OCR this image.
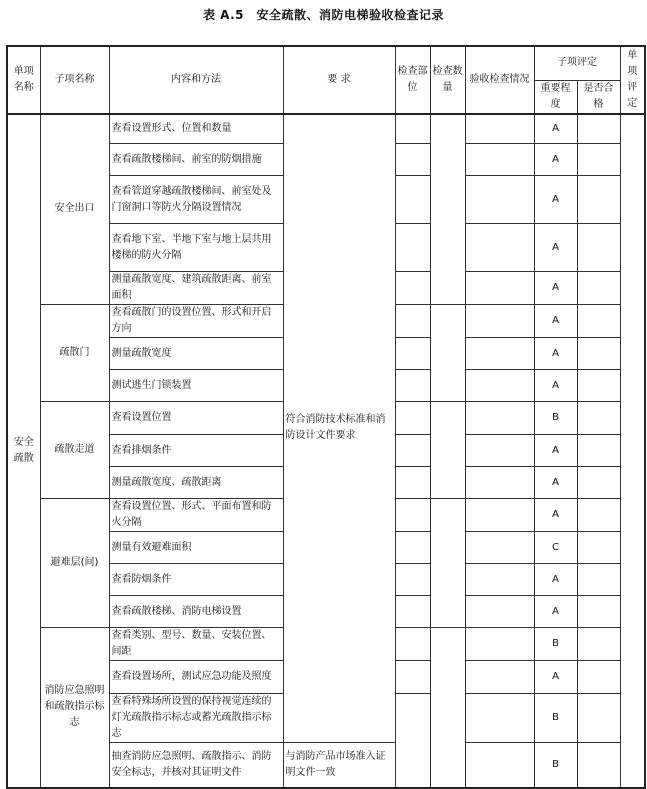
表 A.5　安全疏散、消防电梯验收检查记录
单项名称	子项名称	内容和方法	要 求	检查部位	检查数量	验收检查情况	子项评定		单项评定
							重要程度	是否合格	
安全疏散	安全出口	查看设置形式、位置和数量	符合消防技术标准和消防设计文件要求				A		
		查看疏散楼梯间、前室的防烟措施					A		
		查看管道穿越疏散楼梯间、前室处及门窗洞口等防火分隔设置情况					A		
		查看地下室、半地下室与地上层共用楼梯的防火分隔					A		
		测量疏散宽度、建筑疏散距离、前室面积					A		
	疏散门	查看疏散门的设置位置、形式和开启方向					A		
		测量疏散宽度					A		
		测试逃生门锁装置					A		
	疏散走道	查看设置位置					B		
		查看排烟条件					A		
		测量疏散宽度、疏散距离					A		
	避难层(间)	查看设置位置、形式、平面布置和防火分隔					A		
		测量有效避难面积					C		
		查看防烟条件					A		
		查看疏散楼梯、消防电梯设置					A		
	消防应急照明和疏散指示标志	查看类别、型号、数量、安装位置、间距					B		
		查看设置场所，测试应急功能及照度					A		
		查看特殊场所设置的保持视觉连续的灯光疏散指示标志或蓄光疏散指示标志					B		
		抽查消防应急照明、疏散指示、消防安全标志，并核对其证明文件	与消防产品市场准入证明文件一致				B		
